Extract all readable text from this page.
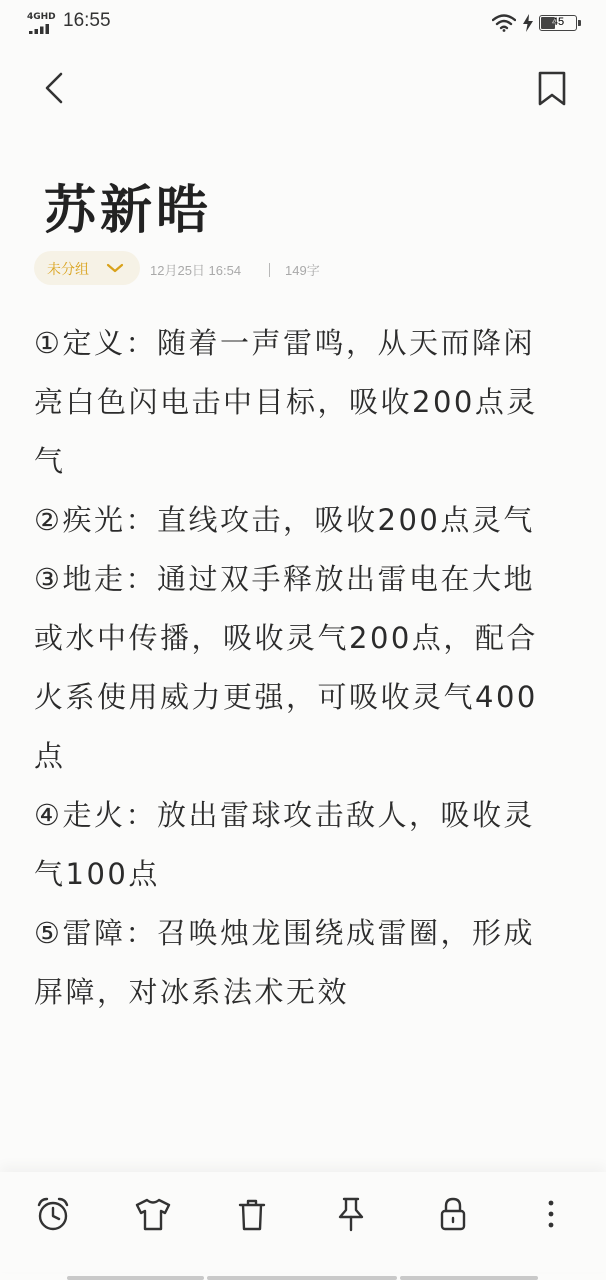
4GHD 16:55	45
苏新晧
未分组	12月25日 16:54	149字
①定义：随着一声雷鸣，从天而降闲
亮白色闪电击中目标，吸收200点灵
气
②疾光：直线攻击，吸收200点灵气
③地走：通过双手释放出雷电在大地
或水中传播，吸收灵气200点，配合
火系使用威力更强，可吸收灵气400
点
④走火：放出雷球攻击敌人，吸收灵
气100点
⑤雷障：召唤烛龙围绕成雷圈，形成
屏障，对冰系法术无效
